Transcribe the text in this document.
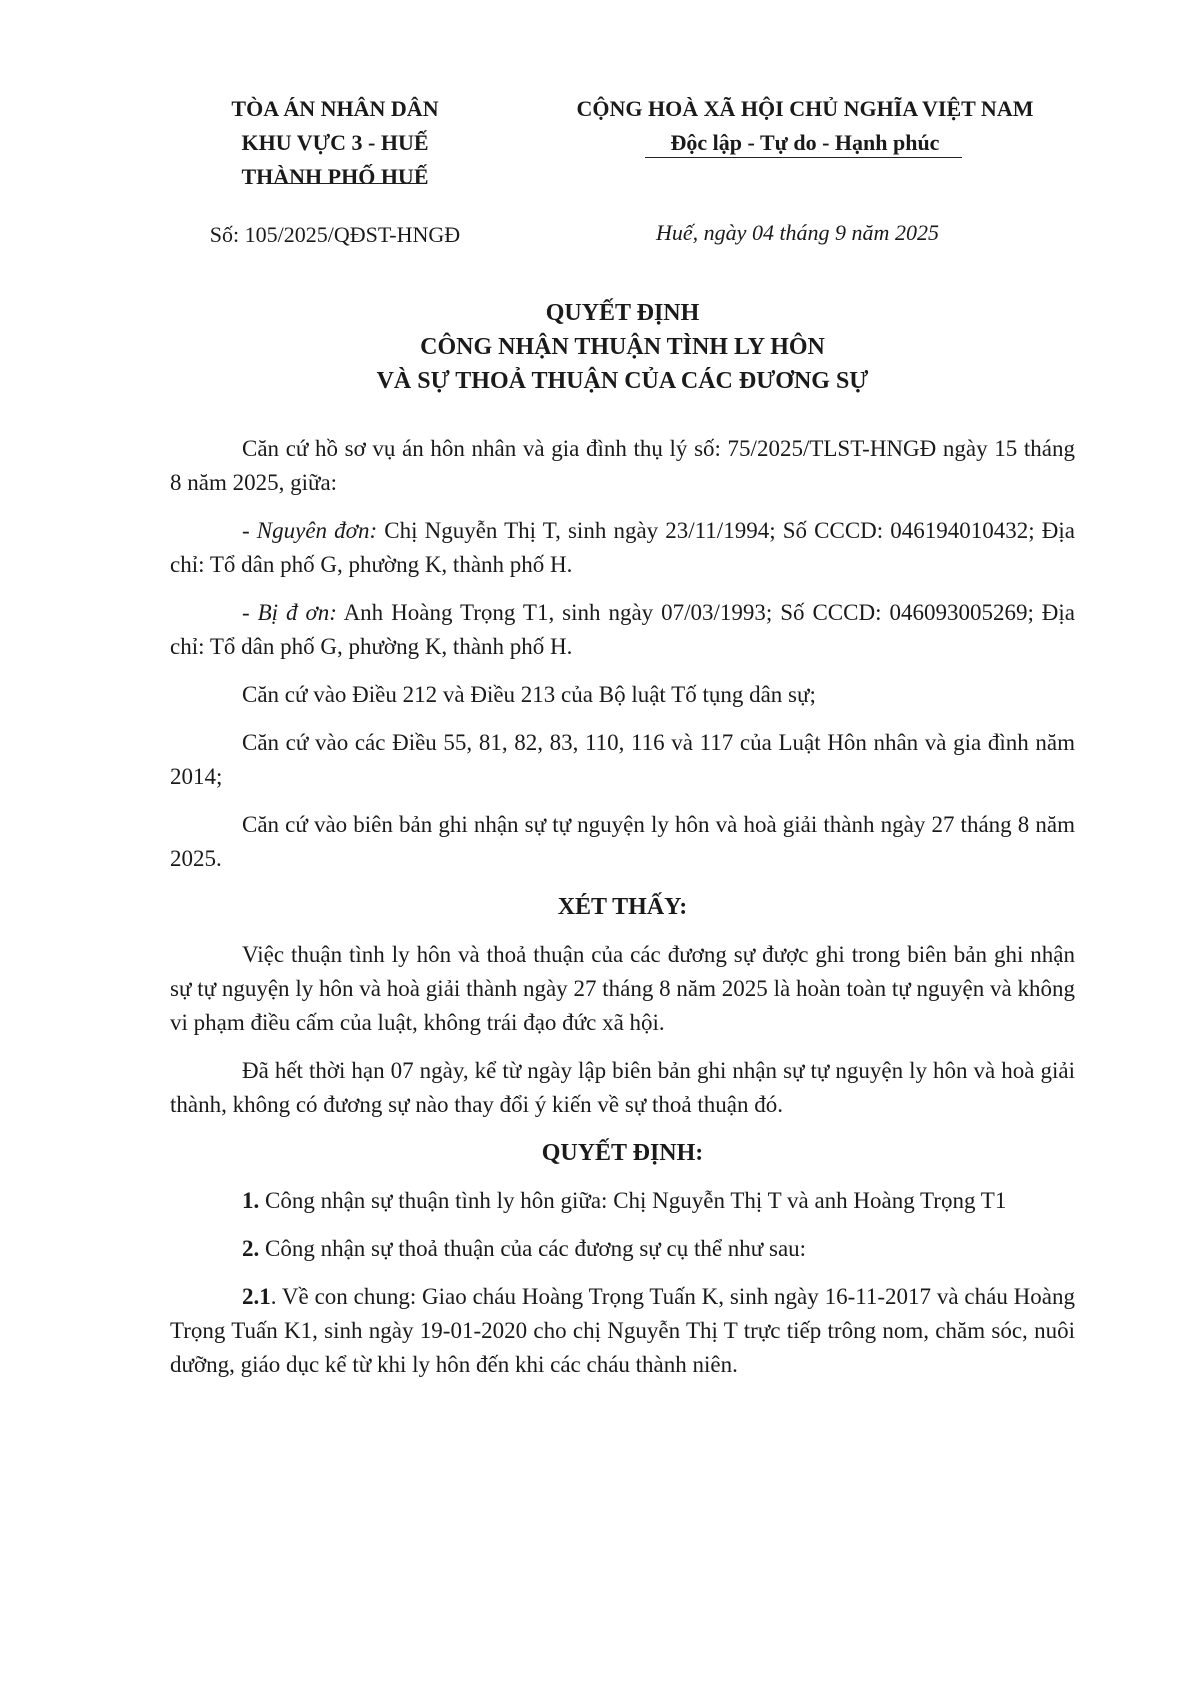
TÒA ÁN NHÂN DÂN
KHU VỰC 3 - HUẾ
THÀNH PHỐ HUẾ
CỘNG HOÀ XÃ HỘI CHỦ NGHĨA VIỆT NAM
Độc lập - Tự do - Hạnh phúc
Số: 105/2025/QĐST-HNGĐ	Huế, ngày 04 tháng 9 năm 2025
QUYẾT ĐỊNH
CÔNG NHẬN THUẬN TÌNH LY HÔN
VÀ SỰ THOẢ THUẬN CỦA CÁC ĐƯƠNG SỰ

Căn cứ hồ sơ vụ án hôn nhân và gia đình thụ lý số: 75/2025/TLST-HNGĐ ngày 15 tháng 8 năm 2025, giữa:

- Nguyên đơn: Chị Nguyễn Thị T, sinh ngày 23/11/1994; Số CCCD: 046194010432; Địa chỉ: Tổ dân phố G, phường K, thành phố H.

- Bị đ ơn: Anh Hoàng Trọng T1, sinh ngày 07/03/1993; Số CCCD: 046093005269; Địa chỉ: Tổ dân phố G, phường K, thành phố H.

Căn cứ vào Điều 212 và Điều 213 của Bộ luật Tố tụng dân sự;

Căn cứ vào các Điều 55, 81, 82, 83, 110, 116 và 117 của Luật Hôn nhân và gia đình năm 2014;

Căn cứ vào biên bản ghi nhận sự tự nguyện ly hôn và hoà giải thành ngày 27 tháng 8 năm 2025.

XÉT THẤY:

Việc thuận tình ly hôn và thoả thuận của các đương sự được ghi trong biên bản ghi nhận sự tự nguyện ly hôn và hoà giải thành ngày 27 tháng 8 năm 2025 là hoàn toàn tự nguyện và không vi phạm điều cấm của luật, không trái đạo đức xã hội.

Đã hết thời hạn 07 ngày, kể từ ngày lập biên bản ghi nhận sự tự nguyện ly hôn và hoà giải thành, không có đương sự nào thay đổi ý kiến về sự thoả thuận đó.

QUYẾT ĐỊNH:

1. Công nhận sự thuận tình ly hôn giữa: Chị Nguyễn Thị T và anh Hoàng Trọng T1

2. Công nhận sự thoả thuận của các đương sự cụ thể như sau:

2.1. Về con chung: Giao cháu Hoàng Trọng Tuấn K, sinh ngày 16-11-2017 và cháu Hoàng Trọng Tuấn K1, sinh ngày 19-01-2020 cho chị Nguyễn Thị T trực tiếp trông nom, chăm sóc, nuôi dưỡng, giáo dục kể từ khi ly hôn đến khi các cháu thành niên.
